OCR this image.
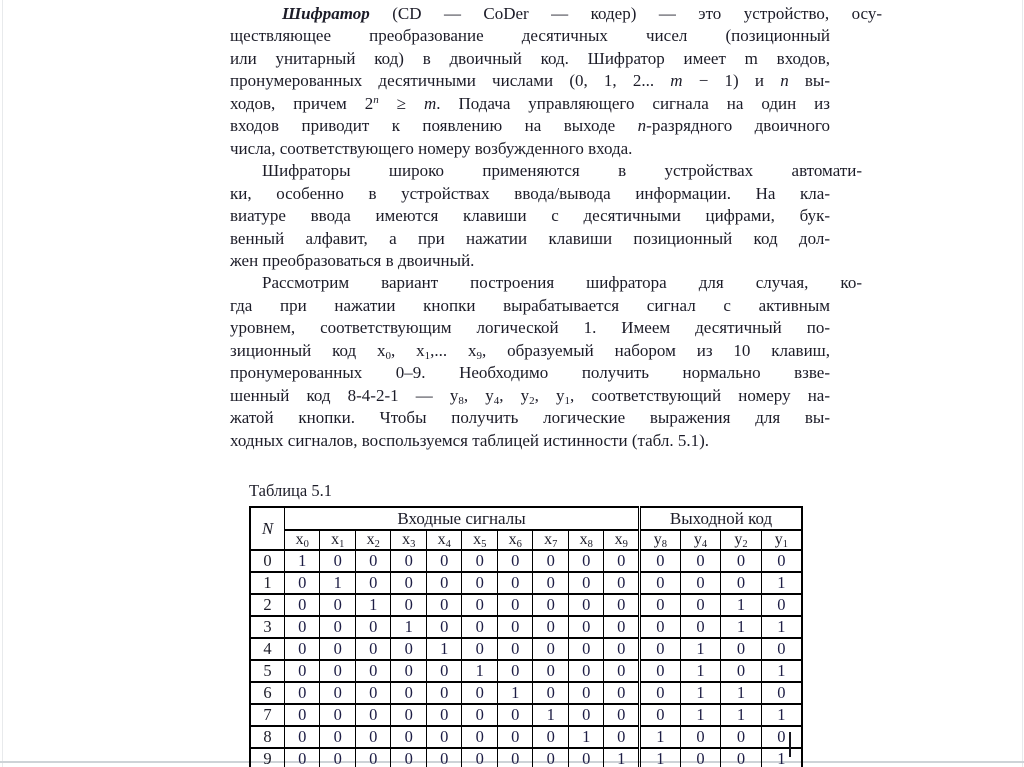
Шифратор (CD — CoDer — кодер) — это устройство, осу-
ществляющее преобразование десятичных чисел (позиционный
или унитарный код) в двоичный код. Шифратор имеет m входов,
пронумерованных десятичными числами (0, 1, 2... m − 1) и n вы-
ходов, причем $2^n \ge m$. Подача управляющего сигнала на один из
входов приводит к появлению на выходе n-разрядного двоичного
числа, соответствующего номеру возбужденного входа.
Шифраторы широко применяются в устройствах автомати-
ки, особенно в устройствах ввода/вывода информации. На кла-
виатуре ввода имеются клавиши с десятичными цифрами, бук-
венный алфавит, а при нажатии клавиши позиционный код дол-
жен преобразоваться в двоичный.
Рассмотрим вариант построения шифратора для случая, ко-
гда при нажатии кнопки вырабатывается сигнал с активным
уровнем, соответствующим логической 1. Имеем десятичный по-
зиционный код x0, x1,... x9, образуемый набором из 10 клавиш,
пронумерованных 0–9. Необходимо получить нормально взве-
шенный код 8-4-2-1 — y8, y4, y2, y1, соответствующий номеру на-
жатой кнопки. Чтобы получить логические выражения для вы-
ходных сигналов, воспользуемся таблицей истинности (табл. 5.1).
Таблица 5.1
N	Входные сигналы										Выходной код			
	x0	x1	x2	x3	x4	x5	x6	x7	x8	x9	y8	y4	y2	y1
0	1	0	0	0	0	0	0	0	0	0	0	0	0	0
1	0	1	0	0	0	0	0	0	0	0	0	0	0	1
2	0	0	1	0	0	0	0	0	0	0	0	0	1	0
3	0	0	0	1	0	0	0	0	0	0	0	0	1	1
4	0	0	0	0	1	0	0	0	0	0	0	1	0	0
5	0	0	0	0	0	1	0	0	0	0	0	1	0	1
6	0	0	0	0	0	0	1	0	0	0	0	1	1	0
7	0	0	0	0	0	0	0	1	0	0	0	1	1	1
8	0	0	0	0	0	0	0	0	1	0	1	0	0	0
9	0	0	0	0	0	0	0	0	0	1	1	0	0	1
